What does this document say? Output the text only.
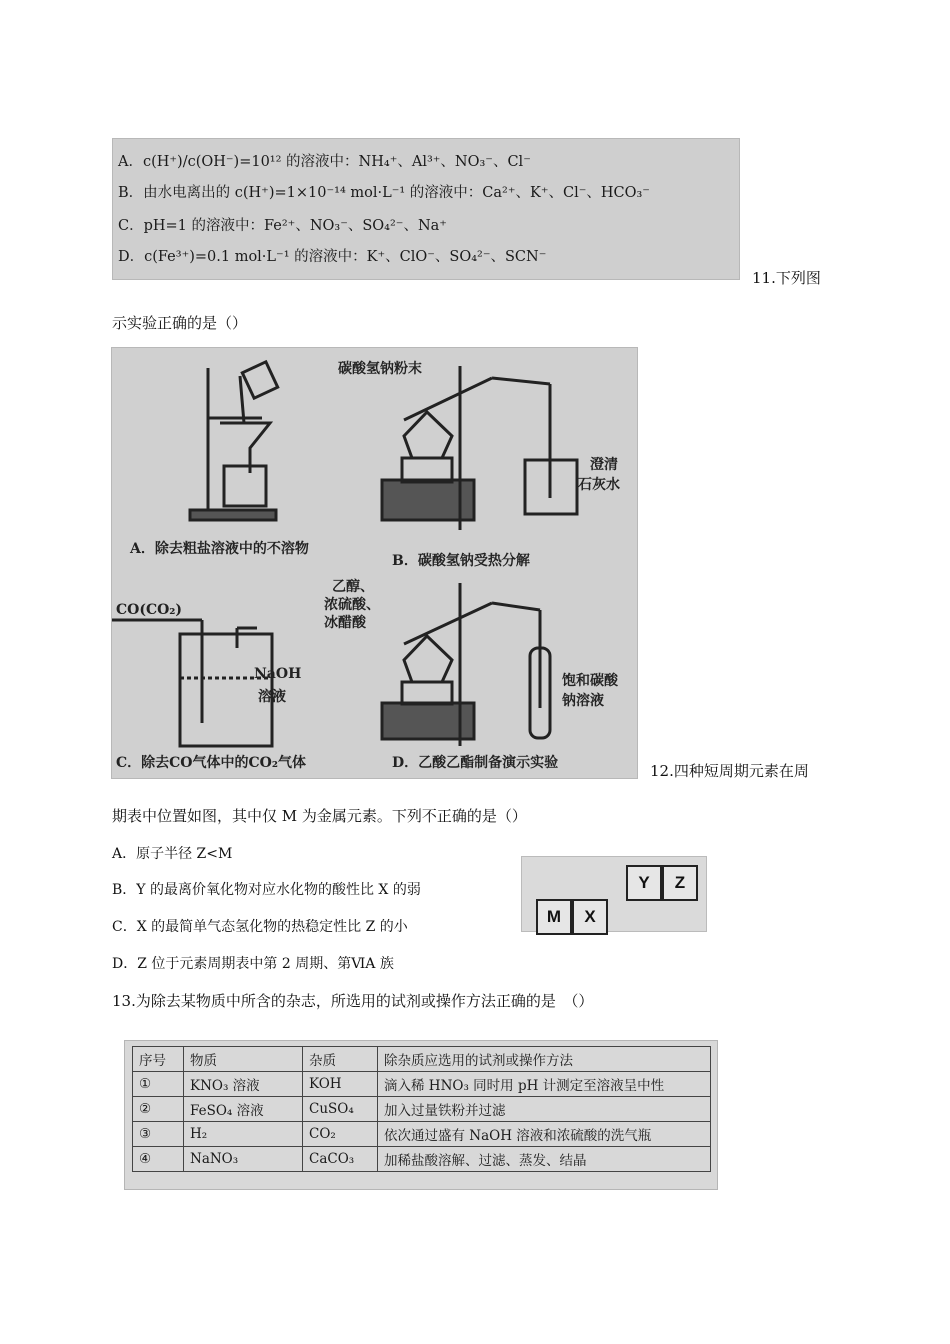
A．c(H⁺)/c(OH⁻)=10¹² 的溶液中：NH₄⁺、Al³⁺、NO₃⁻、Cl⁻
B．由水电离出的 c(H⁺)=1×10⁻¹⁴ mol·L⁻¹ 的溶液中：Ca²⁺、K⁺、Cl⁻、HCO₃⁻
C．pH=1 的溶液中：Fe²⁺、NO₃⁻、SO₄²⁻、Na⁺
D．c(Fe³⁺)=0.1 mol·L⁻¹ 的溶液中：K⁺、ClO⁻、SO₄²⁻、SCN⁻
11.下列图
示实验正确的是（）
碳酸氢钠粉末
澄清
石灰水
乙醇、
浓硫酸、
冰醋酸
CO(CO₂)
NaOH
溶液
饱和碳酸
钠溶液
A．除去粗盐溶液中的不溶物
B．碳酸氢钠受热分解
C．除去CO气体中的CO₂气体	D．乙酸乙酯制备演示实验	12.四种短周期元素在周
期表中位置如图，其中仅 M 为金属元素。下列不正确的是（）
A．原子半径 Z<M
B．Y 的最离价氧化物对应水化物的酸性比 X 的弱
C．X 的最简单气态氢化物的热稳定性比 Z 的小
D．Z 位于元素周期表中第 2 周期、第ⅥA 族
Y	Z
M	X
13.为除去某物质中所含的杂志，所选用的试剂或操作方法正确的是　（）
序号	物质	杂质	除杂质应选用的试剂或操作方法
①	KNO₃ 溶液	KOH	滴入稀 HNO₃ 同时用 pH 计测定至溶液呈中性
②	FeSO₄ 溶液	CuSO₄	加入过量铁粉并过滤
③	H₂	CO₂	依次通过盛有 NaOH 溶液和浓硫酸的洗气瓶
④	NaNO₃	CaCO₃	加稀盐酸溶解、过滤、蒸发、结晶
